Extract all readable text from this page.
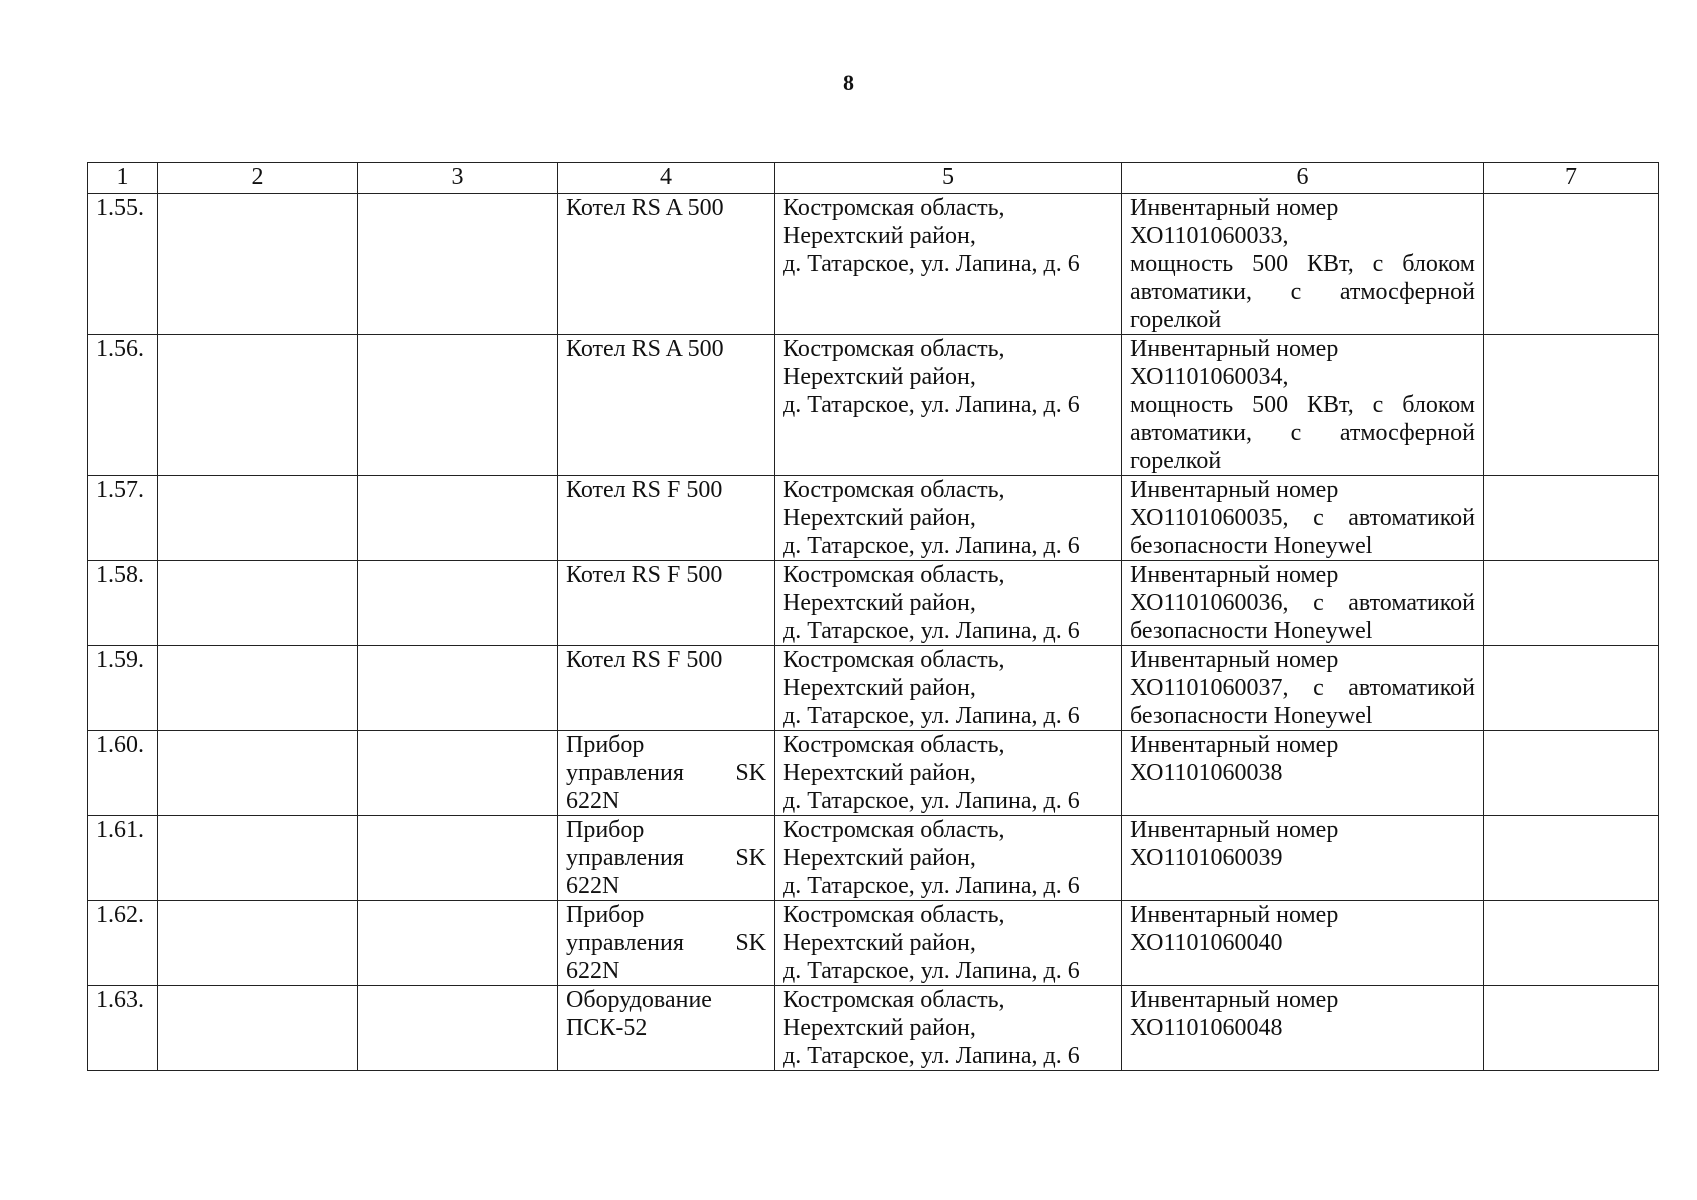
8
1	2	3	4	5	6	7
1.55.			Котел RS A 500	Костромская область,
Нерехтский район,
д. Татарское, ул. Лапина, д. 6	Инвентарный номер
ХО1101060033,
мощность 500 КВт, с блоком автоматики, с атмосферной горелкой	

1.56.			Котел RS A 500	Костромская область,
Нерехтский район,
д. Татарское, ул. Лапина, д. 6	Инвентарный номер
ХО1101060034,
мощность 500 КВт, с блоком автоматики, с атмосферной горелкой	

1.57.			Котел RS F 500	Костромская область,
Нерехтский район,
д. Татарское, ул. Лапина, д. 6	Инвентарный номер
ХО1101060035, с автоматикой безопасности Honeywel	

1.58.			Котел RS F 500	Костромская область,
Нерехтский район,
д. Татарское, ул. Лапина, д. 6	Инвентарный номер
ХО1101060036, с автоматикой безопасности Honeywel	

1.59.			Котел RS F 500	Костромская область,
Нерехтский район,
д. Татарское, ул. Лапина, д. 6	Инвентарный номер
ХО1101060037, с автоматикой безопасности Honeywel	

1.60.			Прибор управления SK 622N	Костромская область,
Нерехтский район,
д. Татарское, ул. Лапина, д. 6	Инвентарный номер
ХО1101060038	

1.61.			Прибор управления SK 622N	Костромская область,
Нерехтский район,
д. Татарское, ул. Лапина, д. 6	Инвентарный номер
ХО1101060039	

1.62.			Прибор управления SK 622N	Костромская область,
Нерехтский район,
д. Татарское, ул. Лапина, д. 6	Инвентарный номер
ХО1101060040	

1.63.			Оборудование ПСК-52	Костромская область,
Нерехтский район,
д. Татарское, ул. Лапина, д. 6	Инвентарный номер
ХО1101060048	
